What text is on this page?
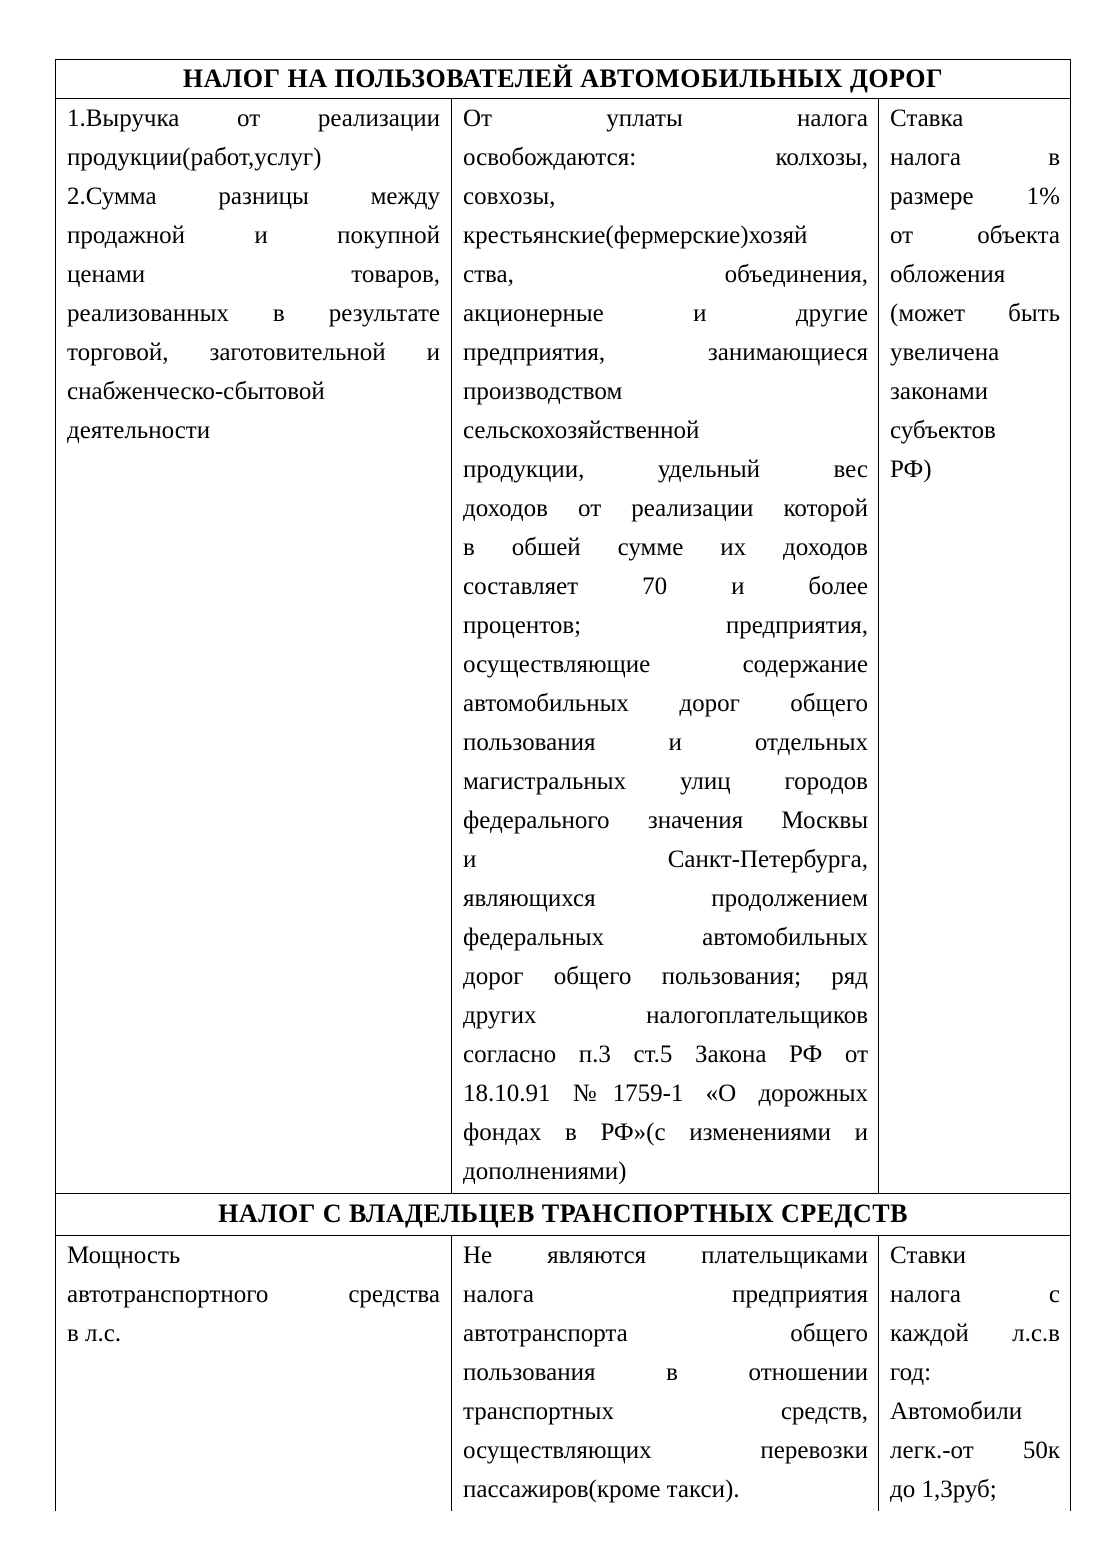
НАЛОГ НА ПОЛЬЗОВАТЕЛЕЙ АВТОМОБИЛЬНЫХ ДОРОГ
1.Выручка от реализации
продукции(работ,услуг)
2.Сумма разницы между
продажной и покупной
ценами товаров,
реализованных в результате
торговой, заготовительной и
снабженческо-сбытовой
деятельности
От уплаты налога
освобождаются: колхозы,
совхозы,
крестьянские(фермерские)хозяй
ства, объединения,
акционерные и другие
предприятия, занимающиеся
производством
сельскохозяйственной
продукции, удельный вес
доходов от реализации которой
в обшей сумме их доходов
составляет 70 и более
процентов; предприятия,
осуществляющие содержание
автомобильных дорог общего
пользования и отдельных
магистральных улиц городов
федерального значения Москвы
и Санкт-Петербурга,
являющихся продолжением
федеральных автомобильных
дорог общего пользования; ряд
других налогоплательщиков
согласно п.3 ст.5 Закона РФ от
18.10.91 №1759-1 «О дорожных
фондах в РФ»(с изменениями и
дополнениями)
Ставка
налога в
размере 1%
от объекта
обложения
(может быть
увеличена
законами
субъектов
РФ)
НАЛОГ С ВЛАДЕЛЬЦЕВ ТРАНСПОРТНЫХ СРЕДСТВ
Мощность
автотранспортного средства
в л.с.
Не являются плательщиками
налога предприятия
автотранспорта общего
пользования в отношении
транспортных средств,
осуществляющих перевозки
пассажиров(кроме такси).
Ставки
налога с
каждой л.с.в
год:
Автомобили
легк.-от 50к
до 1,3руб;
